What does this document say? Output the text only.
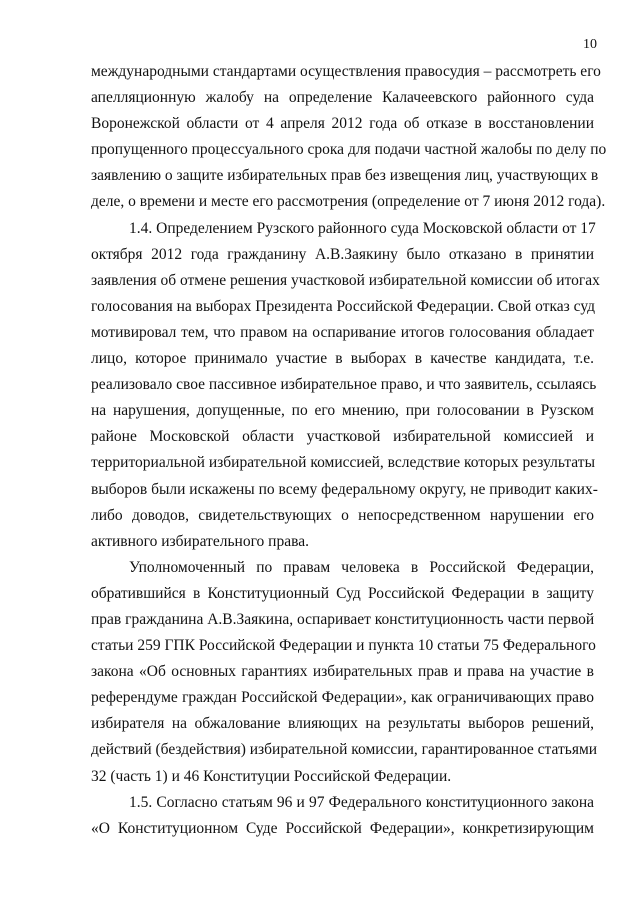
10
международными стандартами осуществления правосудия – рассмотреть его
апелляционную жалобу на определение Калачеевского районного суда
Воронежской области от 4 апреля 2012 года об отказе в восстановлении
пропущенного процессуального срока для подачи частной жалобы по делу по
заявлению о защите избирательных прав без извещения лиц, участвующих в
деле, о времени и месте его рассмотрения (определение от 7 июня 2012 года).
1.4. Определением Рузского районного суда Московской области от 17
октября 2012 года гражданину А.В.Заякину было отказано в принятии
заявления об отмене решения участковой избирательной комиссии об итогах
голосования на выборах Президента Российской Федерации. Свой отказ суд
мотивировал тем, что правом на оспаривание итогов голосования обладает
лицо, которое принимало участие в выборах в качестве кандидата, т.е.
реализовало свое пассивное избирательное право, и что заявитель, ссылаясь
на нарушения, допущенные, по его мнению, при голосовании в Рузском
районе Московской области участковой избирательной комиссией и
территориальной избирательной комиссией, вследствие которых результаты
выборов были искажены по всему федеральному округу, не приводит каких-
либо доводов, свидетельствующих о непосредственном нарушении его
активного избирательного права.
Уполномоченный по правам человека в Российской Федерации,
обратившийся в Конституционный Суд Российской Федерации в защиту
прав гражданина А.В.Заякина, оспаривает конституционность части первой
статьи 259 ГПК Российской Федерации и пункта 10 статьи 75 Федерального
закона «Об основных гарантиях избирательных прав и права на участие в
референдуме граждан Российской Федерации», как ограничивающих право
избирателя на обжалование влияющих на результаты выборов решений,
действий (бездействия) избирательной комиссии, гарантированное статьями
32 (часть 1) и 46 Конституции Российской Федерации.
1.5. Согласно статьям 96 и 97 Федерального конституционного закона
«О Конституционном Суде Российской Федерации», конкретизирующим
